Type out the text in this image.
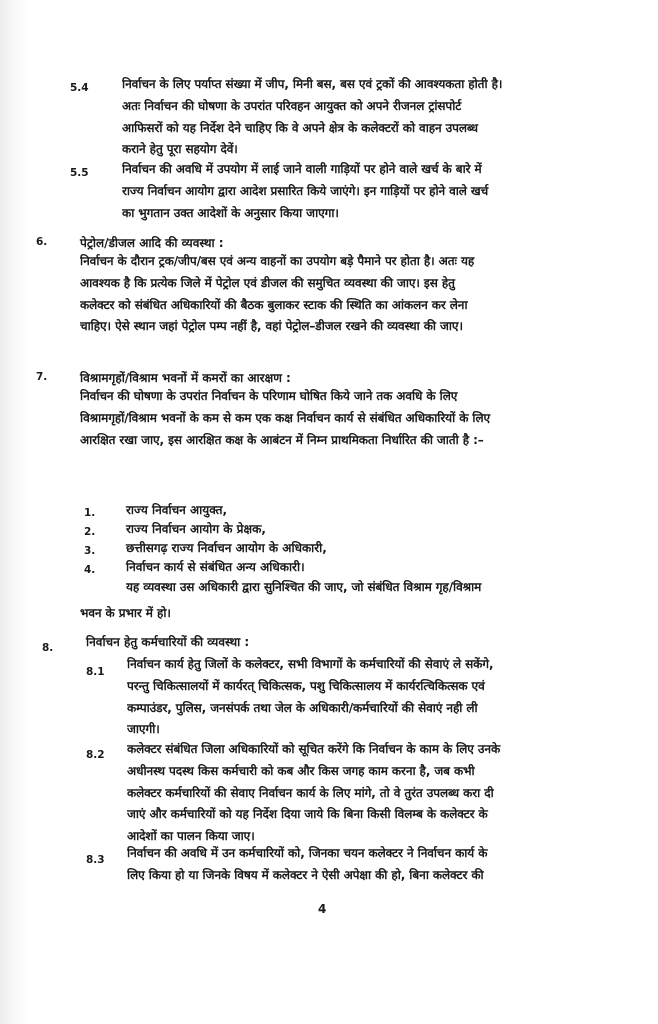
5.4	निर्वाचन के लिए पर्याप्त संख्या में जीप, मिनी बस, बस एवं ट्रकों की आवश्यकता होती है।
अतः निर्वाचन की घोषणा के उपरांत परिवहन आयुक्त को अपने रीजनल ट्रांसपोर्ट
आफिसरों को यह निर्देश देने चाहिए कि वे अपने क्षेत्र के कलेक्टरों को वाहन उपलब्ध
कराने हेतु पूरा सहयोग देवें।
5.5	निर्वाचन की अवधि में उपयोग में लाई जाने वाली गाड़ियों पर होने वाले खर्च के बारे में
राज्य निर्वाचन आयोग द्वारा आदेश प्रसारित किये जाएंगे। इन गाड़ियों पर होने वाले खर्च
का भुगतान उक्त आदेशों के अनुसार किया जाएगा।
6.	पेट्रोल/डीजल आदि की व्यवस्था :
निर्वाचन के दौरान ट्रक/जीप/बस एवं अन्य वाहनों का उपयोग बड़े पैमाने पर होता है। अतः यह
आवश्यक है कि प्रत्येक जिले में पेट्रोल एवं डीजल की समुचित व्यवस्था की जाए। इस हेतु
कलेक्टर को संबंधित अधिकारियों की बैठक बुलाकर स्टाक की स्थिति का आंकलन कर लेना
चाहिए। ऐसे स्थान जहां पेट्रोल पम्प नहीं है, वहां पेट्रोल–डीजल रखने की व्यवस्था की जाए।
7.	विश्रामगृहों/विश्राम भवनों में कमरों का आरक्षण :
निर्वाचन की घोषणा के उपरांत निर्वाचन के परिणाम घोषित किये जाने तक अवधि के लिए
विश्रामगृहों/विश्राम भवनों के कम से कम एक कक्ष निर्वाचन कार्य से संबंधित अधिकारियों के लिए
आरक्षित रखा जाए, इस आरक्षित कक्ष के आबंटन में निम्न प्राथमिकता निर्धारित की जाती है :–
1.	राज्य निर्वाचन आयुक्त,
2.	राज्य निर्वाचन आयोग के प्रेक्षक,
3.	छत्तीसगढ़ राज्य निर्वाचन आयोग के अधिकारी,
4.	निर्वाचन कार्य से संबंधित अन्य अधिकारी।
यह व्यवस्था उस अधिकारी द्वारा सुनिश्चित की जाए, जो संबंधित विश्राम गृह/विश्राम
भवन के प्रभार में हो।
8.	निर्वाचन हेतु कर्मचारियों की व्यवस्था :
8.1
निर्वाचन कार्य हेतु जिलों के कलेक्टर, सभी विभागों के कर्मचारियों की सेवाएं ले सकेंगे,
परन्तु चिकित्सालयों में कार्यरत् चिकित्सक, पशु चिकित्सालय में कार्यरत्चिकित्सक एवं
कम्पाउंडर, पुलिस, जनसंपर्क तथा जेल के अधिकारी/कर्मचारियों की सेवाएं नही ली
जाएगी।
8.2 कलेक्टर संबंधित जिला अधिकारियों को सूचित करेंगे कि निर्वाचन के काम के लिए उनके
अधीनस्थ पदस्थ किस कर्मचारी को कब और किस जगह काम करना है, जब कभी
कलेक्टर कर्मचारियों की सेवाए निर्वाचन कार्य के लिए मांगे, तो वे तुरंत उपलब्ध करा दी
जाएं और कर्मचारियों को यह निर्देश दिया जाये कि बिना किसी विलम्ब के कलेक्टर के
आदेशों का पालन किया जाए।
8.3 निर्वाचन की अवधि में उन कर्मचारियों को, जिनका चयन कलेक्टर ने निर्वाचन कार्य के
लिए किया हो या जिनके विषय में कलेक्टर ने ऐसी अपेक्षा की हो, बिना कलेक्टर की
4
